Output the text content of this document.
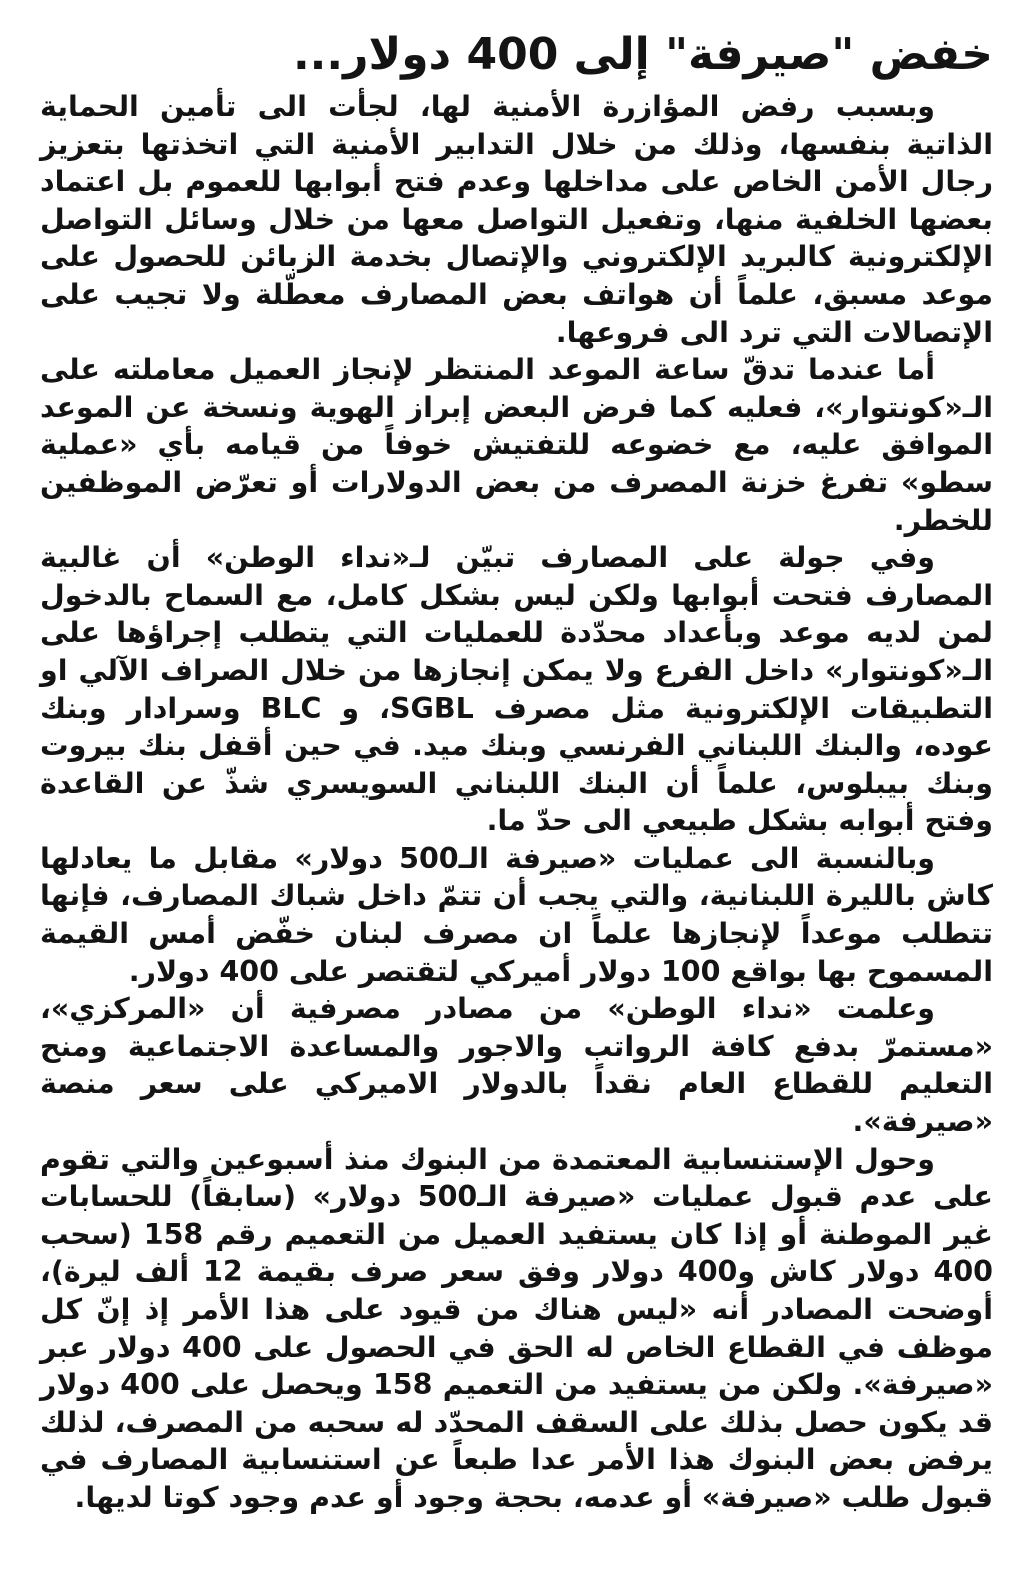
خفض "صيرفة" إلى 400 دولار...

وبسبب رفض المؤازرة الأمنية لها، لجأت الى تأمين الحماية الذاتية بنفسها، وذلك من خلال التدابير الأمنية التي اتخذتها بتعزيز رجال الأمن الخاص على مداخلها وعدم فتح أبوابها للعموم بل اعتماد بعضها الخلفية منها، وتفعيل التواصل معها من خلال وسائل التواصل الإلكترونية كالبريد الإلكتروني والإتصال بخدمة الزبائن للحصول على موعد مسبق، علماً أن هواتف بعض المصارف معطّلة ولا تجيب على الإتصالات التي ترد الى فروعها.

أما عندما تدقّ ساعة الموعد المنتظر لإنجاز العميل معاملته على الـ«كونتوار»، فعليه كما فرض البعض إبراز الهوية ونسخة عن الموعد الموافق عليه، مع خضوعه للتفتيش خوفاً من قيامه بأي «عملية سطو» تفرغ خزنة المصرف من بعض الدولارات أو تعرّض الموظفين للخطر.

وفي جولة على المصارف تبيّن لـ«نداء الوطن» أن غالبية المصارف فتحت أبوابها ولكن ليس بشكل كامل، مع السماح بالدخول لمن لديه موعد وبأعداد محدّدة للعمليات التي يتطلب إجراؤها على الـ«كونتوار» داخل الفرع ولا يمكن إنجازها من خلال الصراف الآلي او التطبيقات الإلكترونية مثل مصرف SGBL، و BLC وسرادار وبنك عوده، والبنك اللبناني الفرنسي وبنك ميد. في حين أقفل بنك بيروت وبنك بيبلوس، علماً أن البنك اللبناني السويسري شذّ عن القاعدة وفتح أبوابه بشكل طبيعي الى حدّ ما.

وبالنسبة الى عمليات «صيرفة الـ500 دولار» مقابل ما يعادلها كاش بالليرة اللبنانية، والتي يجب أن تتمّ داخل شباك المصارف، فإنها تتطلب موعداً لإنجازها علماً ان مصرف لبنان خفّض أمس القيمة المسموح بها بواقع 100 دولار أميركي لتقتصر على 400 دولار.

وعلمت «نداء الوطن» من مصادر مصرفية أن «المركزي»، «مستمرّ بدفع كافة الرواتب والاجور والمساعدة الاجتماعية ومنح التعليم للقطاع العام نقداً بالدولار الاميركي على سعر منصة «صيرفة».

وحول الإستنسابية المعتمدة من البنوك منذ أسبوعين والتي تقوم على عدم قبول عمليات «صيرفة الـ500 دولار» (سابقاً) للحسابات غير الموطنة أو إذا كان يستفيد العميل من التعميم رقم 158 (سحب 400 دولار كاش و400 دولار وفق سعر صرف بقيمة 12 ألف ليرة)، أوضحت المصادر أنه «ليس هناك من قيود على هذا الأمر إذ إنّ كل موظف في القطاع الخاص له الحق في الحصول على 400 دولار عبر «صيرفة». ولكن من يستفيد من التعميم 158 ويحصل على 400 دولار قد يكون حصل بذلك على السقف المحدّد له سحبه من المصرف، لذلك يرفض بعض البنوك هذا الأمر عدا طبعاً عن استنسابية المصارف في قبول طلب «صيرفة» أو عدمه، بحجة وجود أو عدم وجود كوتا لديها.
